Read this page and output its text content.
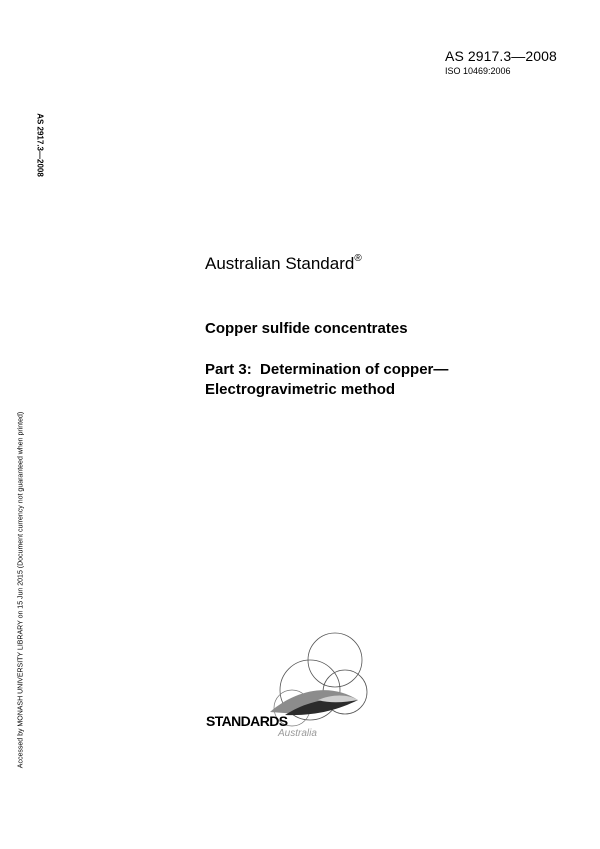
AS 2917.3—2008
ISO 10469:2006
AS 2917.3—2008
Accessed by MONASH UNIVERSITY LIBRARY on 15 Jun 2015 (Document currency not guaranteed when printed)
Australian Standard®
Copper sulfide concentrates
Part 3:  Determination of copper—
Electrogravimetric method
STANDARDS
Australia
